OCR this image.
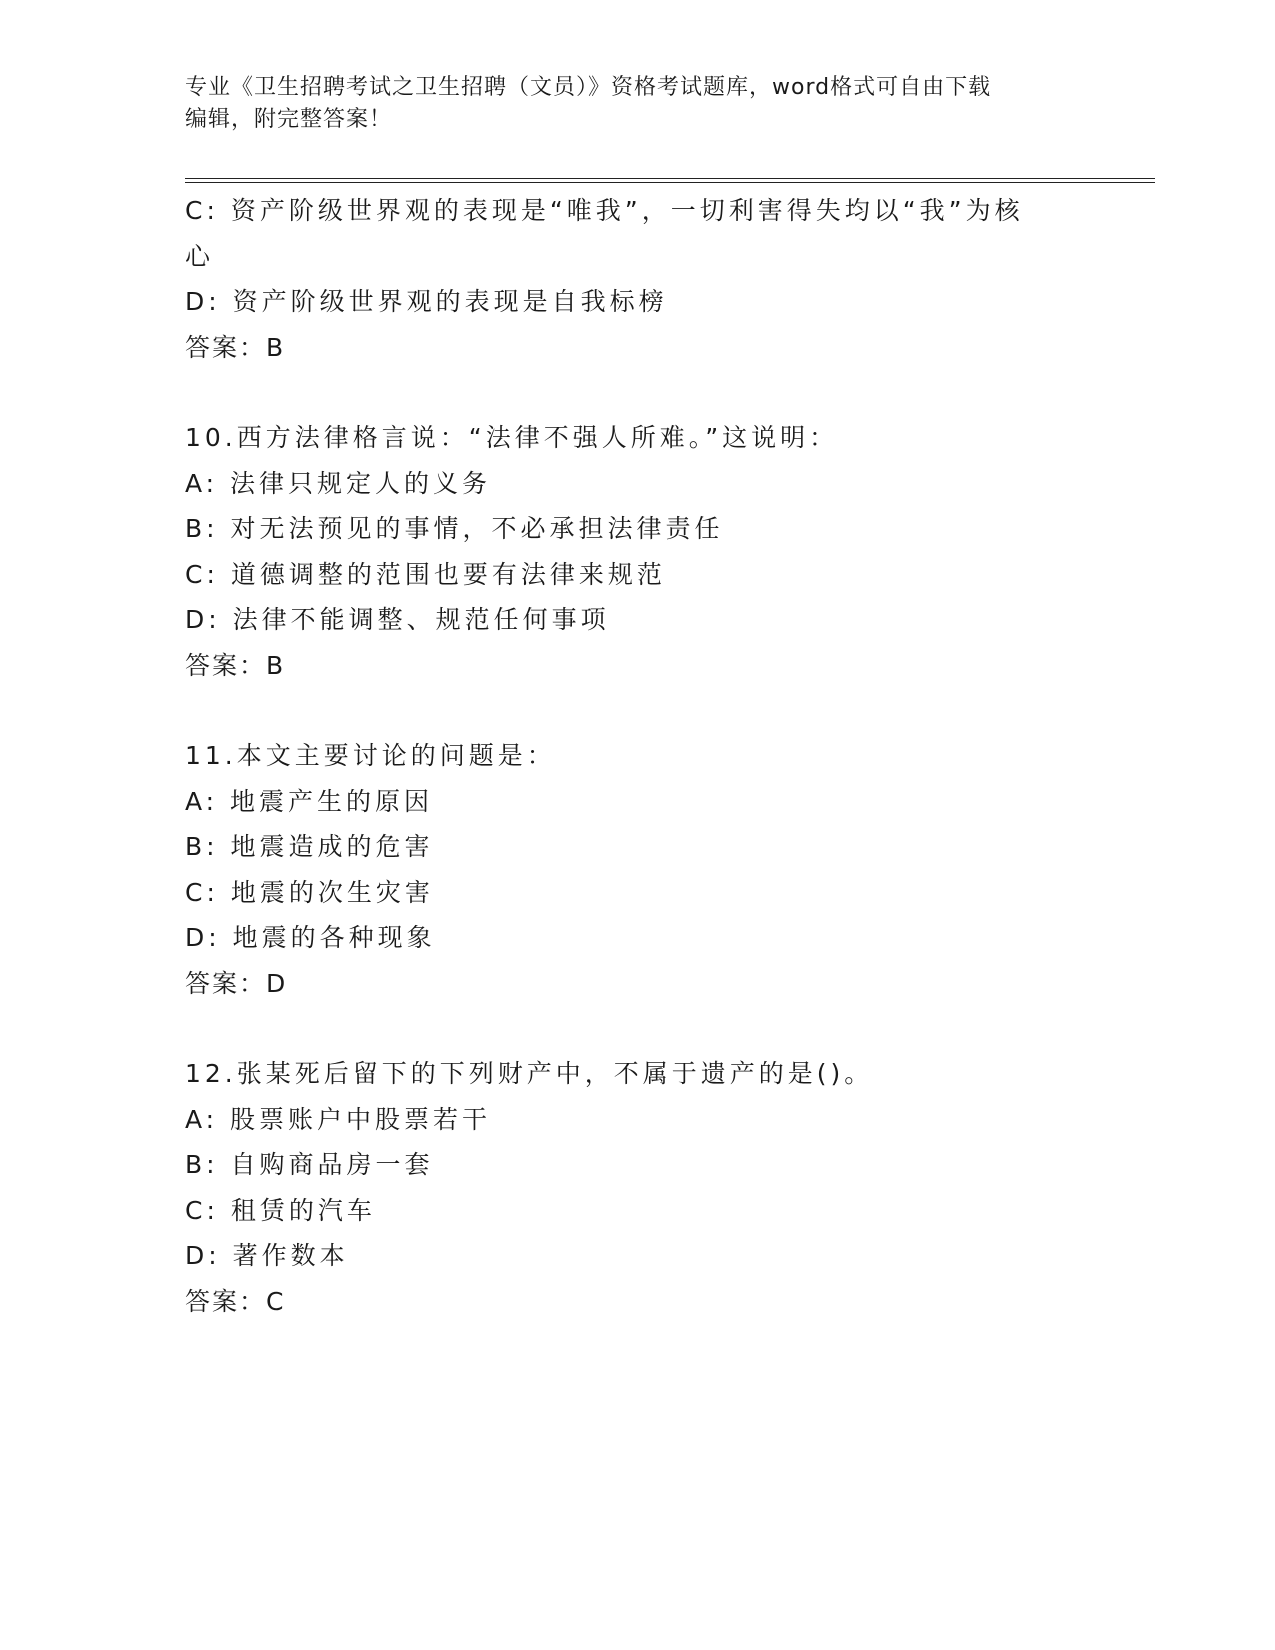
专业《卫生招聘考试之卫生招聘（文员）》资格考试题库，word格式可自由下载
编辑，附完整答案！
C: 资产阶级世界观的表现是“唯我”，一切利害得失均以“我”为核
心
D: 资产阶级世界观的表现是自我标榜
答案：B
10.西方法律格言说：“法律不强人所难。”这说明：
A: 法律只规定人的义务
B: 对无法预见的事情，不必承担法律责任
C: 道德调整的范围也要有法律来规范
D: 法律不能调整、规范任何事项
答案：B
11.本文主要讨论的问题是：
A: 地震产生的原因
B: 地震造成的危害
C: 地震的次生灾害
D: 地震的各种现象
答案：D
12.张某死后留下的下列财产中，不属于遗产的是()。
A: 股票账户中股票若干
B: 自购商品房一套
C: 租赁的汽车
D: 著作数本
答案：C
